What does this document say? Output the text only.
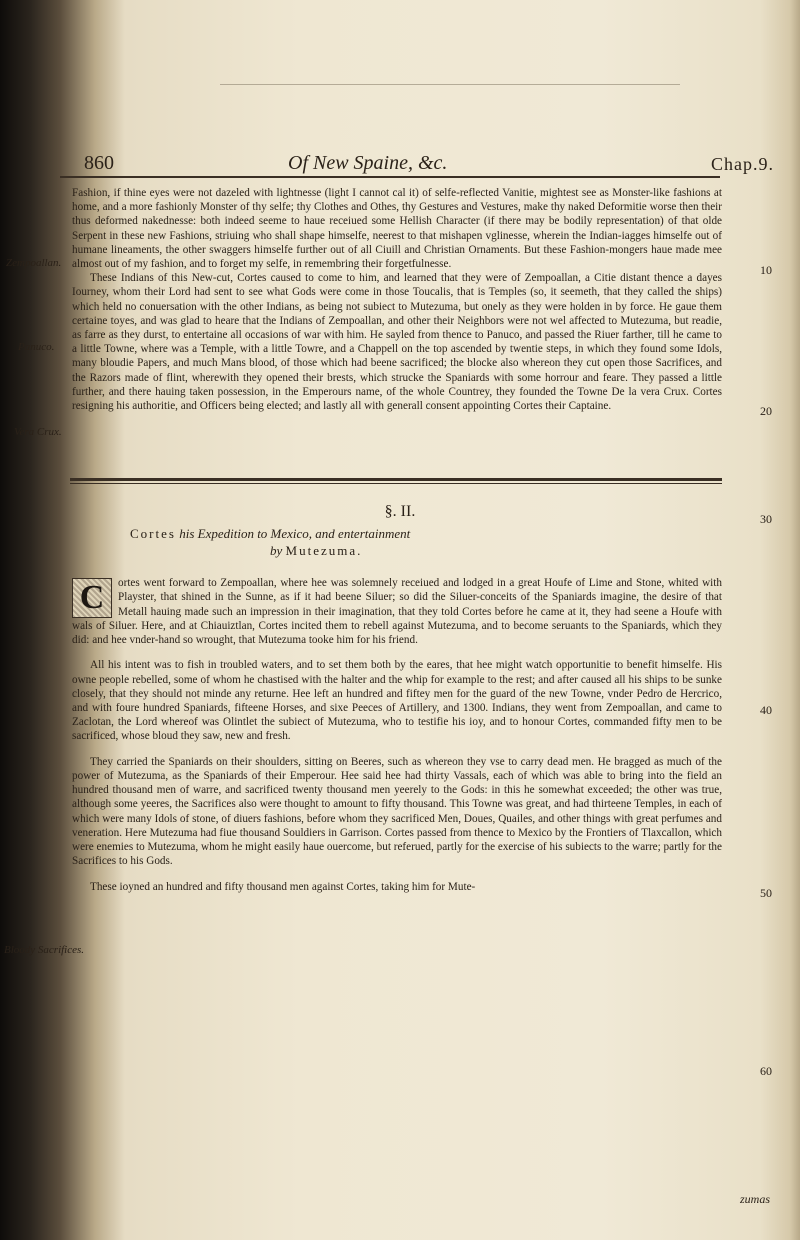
860	Of New Spaine, &c.	Chap.9.

Fashion, if thine eyes were not dazeled with lightnesse (light I cannot cal it) of selfe-reflected Vanitie, mightest see as Monster-like fashions at home, and a more fashionly Monster of thy selfe; thy Clothes and Othes, thy Gestures and Vestures, make thy naked Deformitie worse then their thus deformed nakednesse: both indeed seeme to haue receiued some Hellish Character (if there may be bodily representation) of that olde Serpent in these new Fashions, striuing who shall shape himselfe, neerest to that mishapen vglinesse, wherein the Indian-iagges himselfe out of humane lineaments, the other swaggers himselfe further out of all Ciuill and Christian Ornaments. But these Fashion-mongers haue made mee almost out of my fashion, and to forget my selfe, in remembring their forgetfulnesse.

These Indians of this New-cut, Cortes caused to come to him, and learned that they were of Zempoallan, a Citie distant thence a dayes Iourney, whom their Lord had sent to see what Gods were come in those Toucalis, that is Temples (so, it seemeth, that they called the ships) which held no conuersation with the other Indians, as being not subiect to Mutezuma, but onely as they were holden in by force. He gaue them certaine toyes, and was glad to heare that the Indians of Zempoallan, and other their Neighbors were not wel affected to Mutezuma, but readie, as farre as they durst, to entertaine all occasions of war with him. He sayled from thence to Panuco, and passed the Riuer farther, till he came to a little Towne, where was a Temple, with a little Towre, and a Chappell on the top ascended by twentie steps, in which they found some Idols, many bloudie Papers, and much Mans blood, of those which had beene sacrificed; the blocke also whereon they cut open those Sacrifices, and the Razors made of flint, wherewith they opened their brests, which strucke the Spaniards with some horrour and feare. They passed a little further, and there hauing taken possession, in the Emperours name, of the whole Countrey, they founded the Towne De la vera Crux. Cortes resigning his authoritie, and Officers being elected; and lastly all with generall consent appointing Cortes their Captaine.

Zempoallan.
Panuco.
Vera Crux.
Bloody Sacrifices.
10
20
30
40
50
60
§. II.
Cortes his Expedition to Mexico, and entertainment
by Mutezuma.

C	ortes went forward to Zempoallan, where hee was solemnely receiued and lodged in a great Houfe of Lime and Stone, whited with Playster, that shined in the Sunne, as if it had beene Siluer; so did the Siluer-conceits of the Spaniards imagine, the desire of that Metall hauing made such an impression in their imagination, that they told Cortes before he came at it, they had seene a Houfe with wals of Siluer. Here, and at Chiauiztlan, Cortes incited them to rebell against Mutezuma, and to become seruants to the Spaniards, which they did: and hee vnder-hand so wrought, that Mutezuma tooke him for his friend.

All his intent was to fish in troubled waters, and to set them both by the eares, that hee might watch opportunitie to benefit himselfe. His owne people rebelled, some of whom he chastised with the halter and the whip for example to the rest; and after caused all his ships to be sunke closely, that they should not minde any returne. Hee left an hundred and fiftey men for the guard of the new Towne, vnder Pedro de Hercrico, and with foure hundred Spaniards, fifteene Horses, and sixe Peeces of Artillery, and 1300. Indians, they went from Zempoallan, and came to Zaclotan, the Lord whereof was Olintlet the subiect of Mutezuma, who to testifie his ioy, and to honour Cortes, commanded fifty men to be sacrificed, whose bloud they saw, new and fresh.

They carried the Spaniards on their shoulders, sitting on Beeres, such as whereon they vse to carry dead men. He bragged as much of the power of Mutezuma, as the Spaniards of their Emperour. Hee said hee had thirty Vassals, each of which was able to bring into the field an hundred thousand men of warre, and sacrificed twenty thousand men yeerely to the Gods: in this he somewhat exceeded; the other was true, although some yeeres, the Sacrifices also were thought to amount to fifty thousand. This Towne was great, and had thirteene Temples, in each of which were many Idols of stone, of diuers fashions, before whom they sacrificed Men, Doues, Quailes, and other things with great perfumes and veneration. Here Mutezuma had fiue thousand Souldiers in Garrison. Cortes passed from thence to Mexico by the Frontiers of Tlaxcallon, which were enemies to Mutezuma, whom he might easily haue ouercome, but referued, partly for the exercise of his subiects to the warre; partly for the Sacrifices to his Gods.

These ioyned an hundred and fifty thousand men against Cortes, taking him for Mute-

zumas
